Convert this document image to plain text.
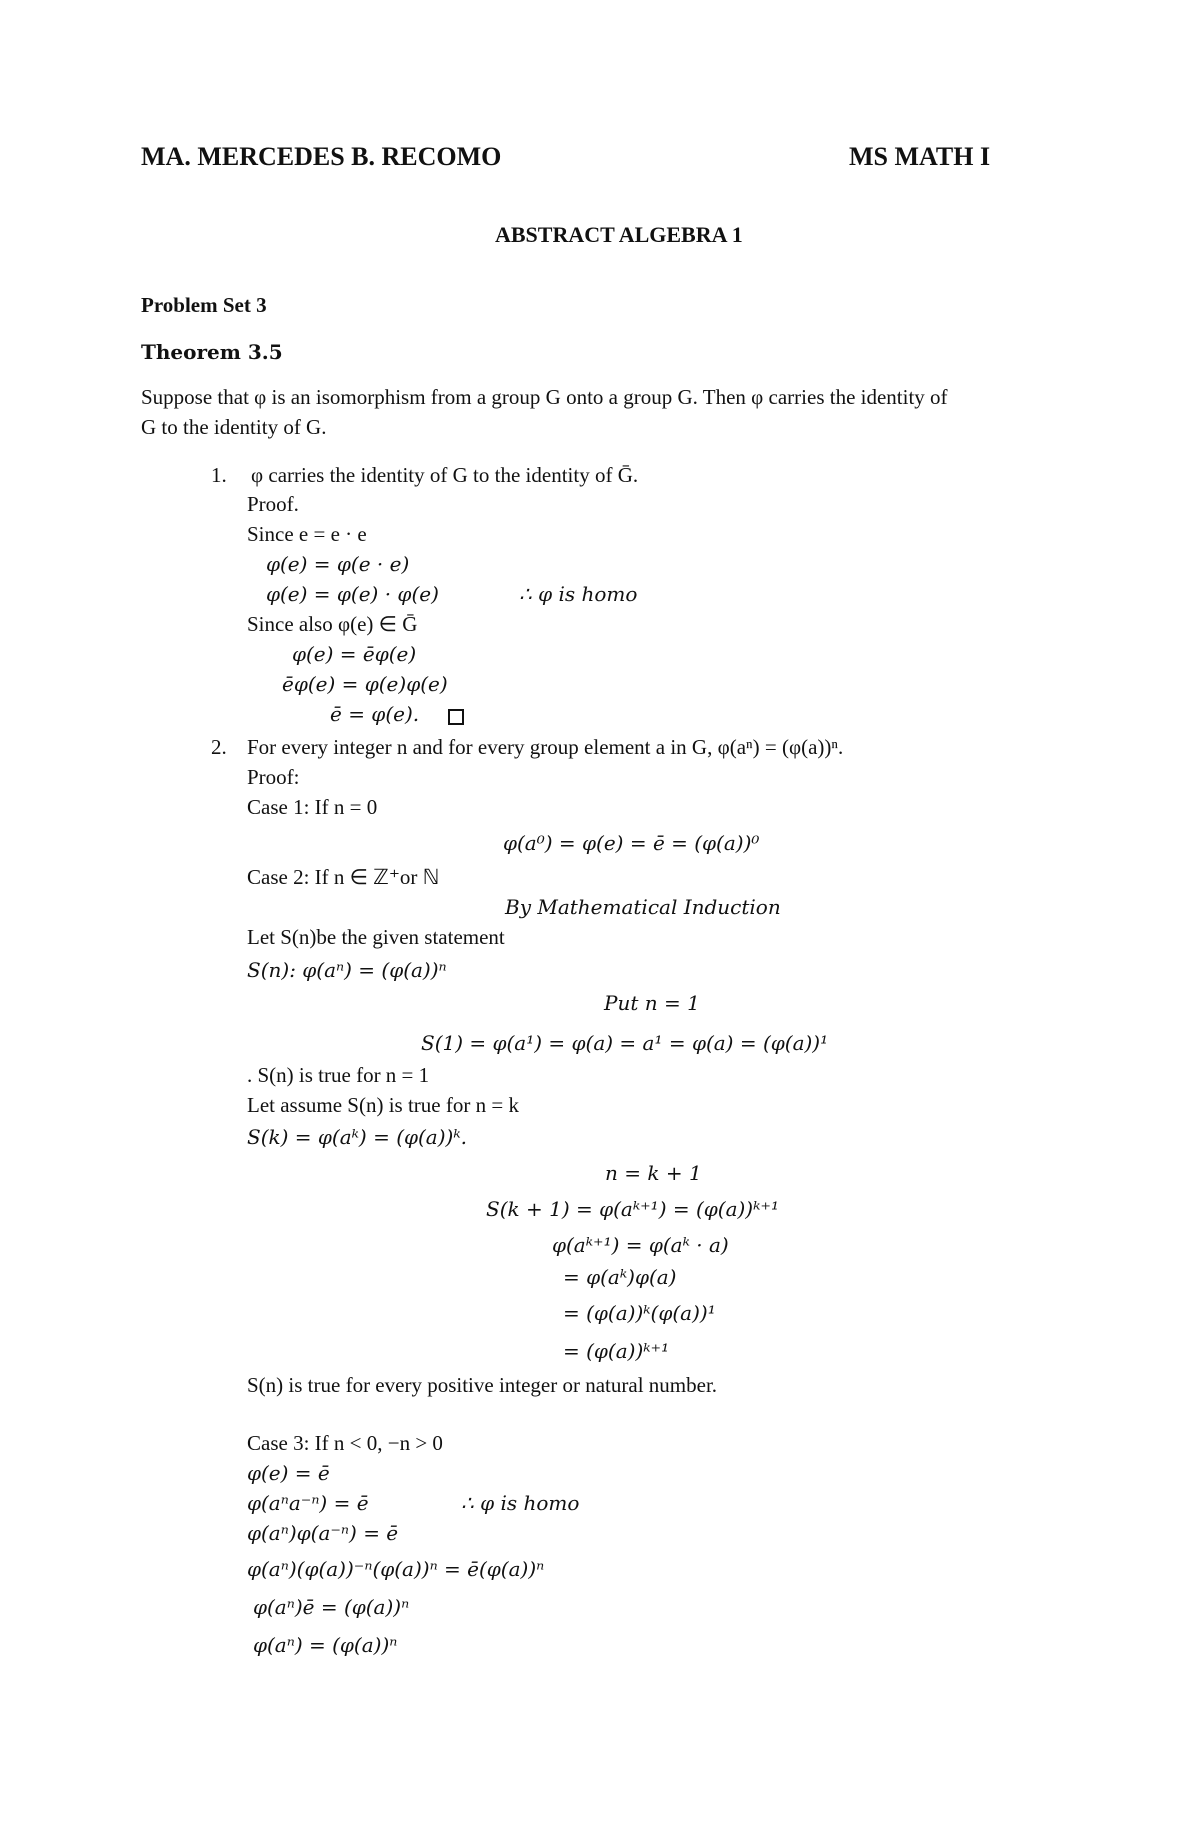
MA. MERCEDES B. RECOMO	MS MATH I
ABSTRACT ALGEBRA 1
Problem Set 3
Theorem 3.5
Suppose that φ is an isomorphism from a group G onto a group G. Then φ carries the identity of
G to the identity of G.
1. φ carries the identity of G to the identity of Ḡ.
Proof.
Since e = e · e
φ(e) = φ(e · e)
φ(e) = φ(e) · φ(e)	∴ φ is homo
Since also φ(e) ∈ Ḡ
φ(e) = ēφ(e)
ēφ(e) = φ(e)φ(e)
ē = φ(e).
2. For every integer n and for every group element a in G, φ(aⁿ) = (φ(a))ⁿ.
Proof:
Case 1: If n = 0
φ(a⁰) = φ(e) = ē = (φ(a))⁰
Case 2: If n ∈ ℤ⁺or ℕ
By Mathematical Induction
Let S(n)be the given statement
S(n): φ(aⁿ) = (φ(a))ⁿ
Put n = 1
S(1) = φ(a¹) = φ(a) = a¹ = φ(a) = (φ(a))¹
. S(n) is true for n = 1
Let assume S(n) is true for n = k
S(k) = φ(aᵏ) = (φ(a))ᵏ.
n = k + 1
S(k + 1) = φ(aᵏ⁺¹) = (φ(a))ᵏ⁺¹
φ(aᵏ⁺¹) = φ(aᵏ · a)
= φ(aᵏ)φ(a)
= (φ(a))ᵏ(φ(a))¹
= (φ(a))ᵏ⁺¹
S(n) is true for every positive integer or natural number.
Case 3: If n < 0, −n > 0
φ(e) = ē
φ(aⁿa⁻ⁿ) = ē	∴ φ is homo
φ(aⁿ)φ(a⁻ⁿ) = ē
φ(aⁿ)(φ(a))⁻ⁿ(φ(a))ⁿ = ē(φ(a))ⁿ
φ(aⁿ)ē = (φ(a))ⁿ
φ(aⁿ) = (φ(a))ⁿ
